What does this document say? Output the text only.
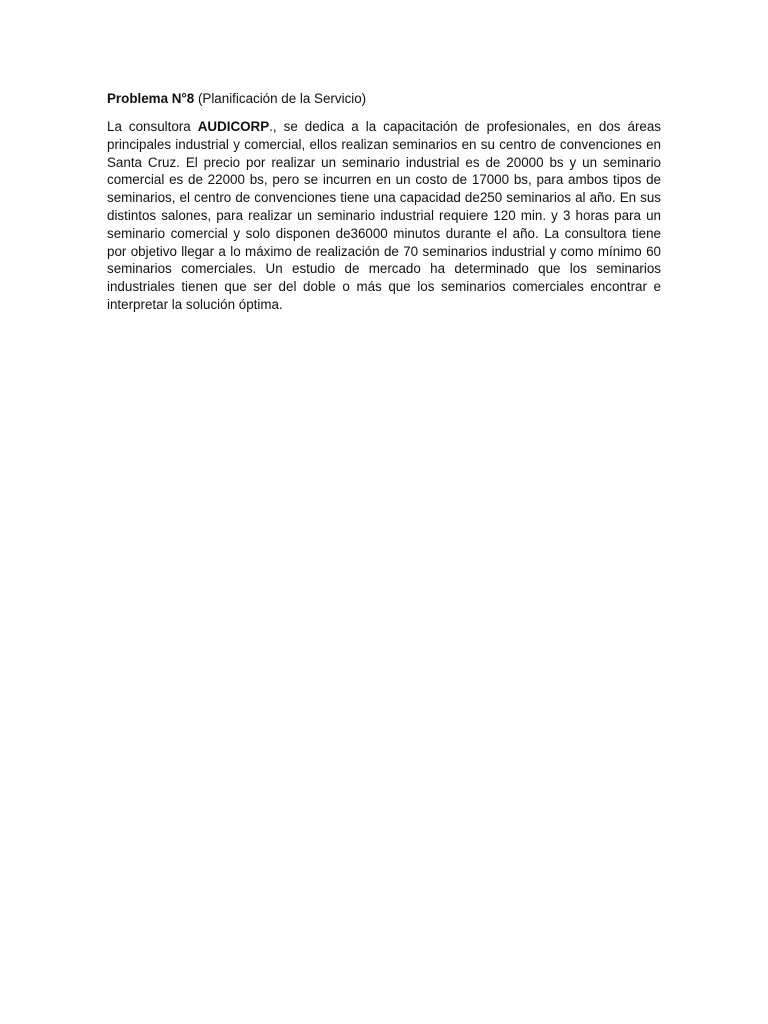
Problema N°8 (Planificación de la Servicio)

La consultora AUDICORP., se dedica a la capacitación de profesionales, en dos áreas principales industrial y comercial, ellos realizan seminarios en su centro de convenciones en Santa Cruz. El precio por realizar un seminario industrial es de 20000 bs y un seminario comercial es de 22000 bs, pero se incurren en un costo de 17000 bs, para ambos tipos de seminarios, el centro de convenciones tiene una capacidad de250 seminarios al año. En sus distintos salones, para realizar un seminario industrial requiere 120 min. y 3 horas para un seminario comercial y solo disponen de36000 minutos durante el año. La consultora tiene por objetivo llegar a lo máximo de realización de 70 seminarios industrial y como mínimo 60 seminarios comerciales. Un estudio de mercado ha determinado que los seminarios industriales tienen que ser del doble o más que los seminarios comerciales encontrar e interpretar la solución óptima.
